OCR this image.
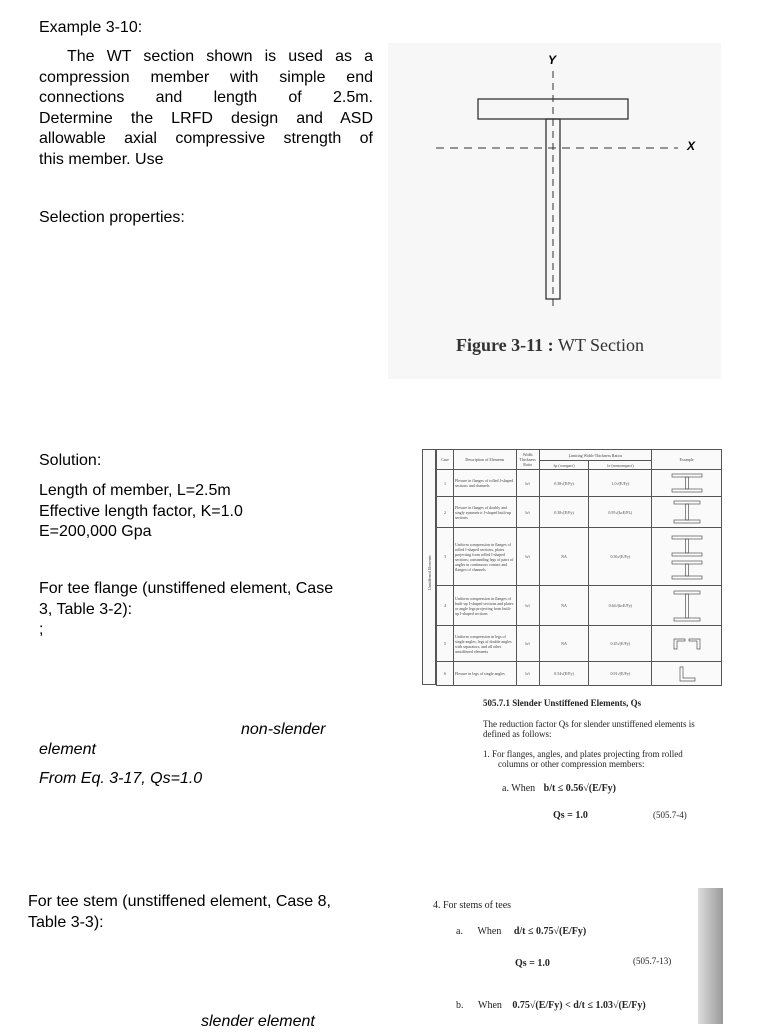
Example 3-10:
The WT section shown is used as a
compression member with simple end
connections and length of 2.5m.
Determine the LRFD design and ASD
allowable axial compressive strength of
this member. Use
Selection properties:
Y
X
Figure 3-11 : WT Section
Solution:
Length of member, L=2.5m
Effective length factor, K=1.0
E=200,000 Gpa
For tee flange (unstiffened element, Case
3, Table 3-2):
;
non-slender
element
From Eq. 3-17, Qs=1.0
For tee stem (unstiffened element, Case 8,
Table 3-3):
slender element
Unstiffened Elements
Case	Description of Elements	Width Thickness Ratio	Limiting Width-Thickness Ratios		Example
			λp (compact)	λr (noncompact)	
1	Flexure in flanges of rolled I-shaped sections and channels	b/t	0.38√(E/Fy)	1.0√(E/Fy)	

2	Flexure in flanges of doubly and singly symmetric I-shaped built-up sections	b/t	0.38√(E/Fy)	0.95√(kcE/FL)	

3	Uniform compression in flanges of rolled I-shaped sections, plates projecting from rolled I-shaped sections; outstanding legs of pairs of angles in continuous contact and flanges of channels	b/t	NA	0.56√(E/Fy)	

4	Uniform compression in flanges of built-up I-shaped sections and plates or angle legs projecting from built-up I-shaped sections	b/t	NA	0.64√(kcE/Fy)	

5	Uniform compression in legs of single angles, legs of double angles with separators, and all other unstiffened elements	b/t	NA	0.45√(E/Fy)	

6	Flexure in legs of single angles	b/t	0.54√(E/Fy)	0.91√(E/Fy)	
505.7.1 Slender Unstiffened Elements, Qs
The reduction factor Qs for slender unstiffened elements is
defined as follows:
1. For flanges, angles, and plates projecting from rolled
columns or other compression members:
a. When b/t ≤ 0.56√(E/Fy)
Qs = 1.0	(505.7-4)
4. For stems of tees
a. When d/t ≤ 0.75√(E/Fy)
Qs = 1.0	(505.7-13)
b. When 0.75√(E/Fy) < d/t ≤ 1.03√(E/Fy)
